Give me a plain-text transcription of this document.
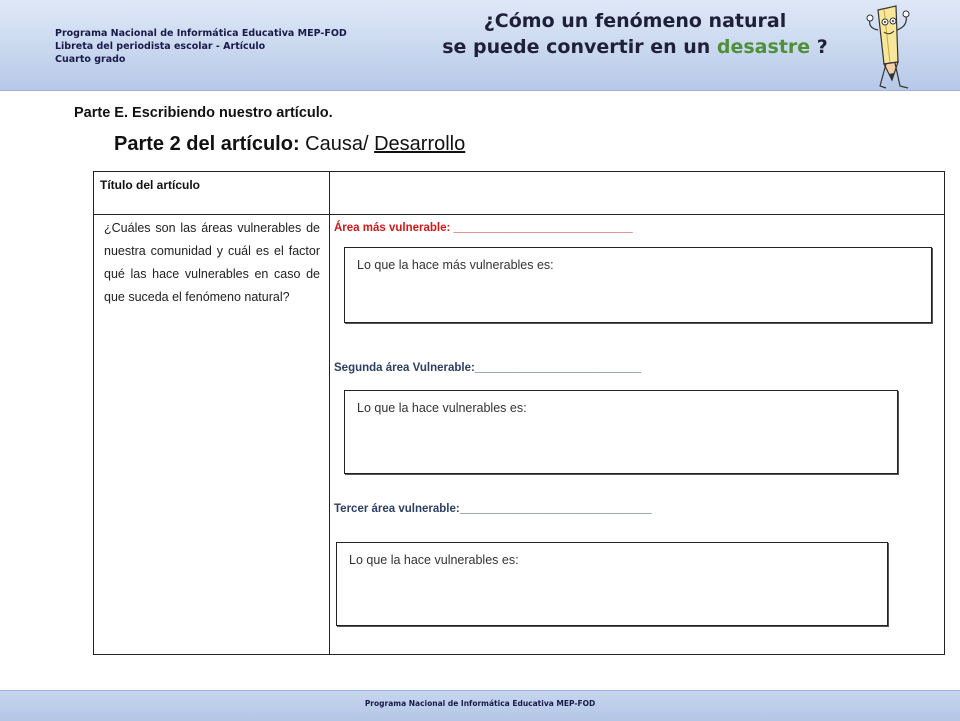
Programa Nacional de Informática Educativa MEP-FOD
Libreta del periodista escolar - Artículo
Cuarto grado
¿Cómo un fenómeno natural
se puede convertir en un desastre ?
Parte E. Escribiendo nuestro artículo.
Parte 2 del artículo: Causa/ Desarrollo
Título del artículo
¿Cuáles son las áreas vulnerables de nuestra comunidad y cuál es el factor qué las hace vulnerables en caso de que suceda el fenómeno natural?
Área más vulnerable: ____________________________
Lo que la hace más vulnerables es:
Segunda área Vulnerable:__________________________
Lo que la hace vulnerables es:
Tercer área vulnerable:______________________________
Lo que la hace vulnerables es:
Programa Nacional de Informática Educativa MEP-FOD
